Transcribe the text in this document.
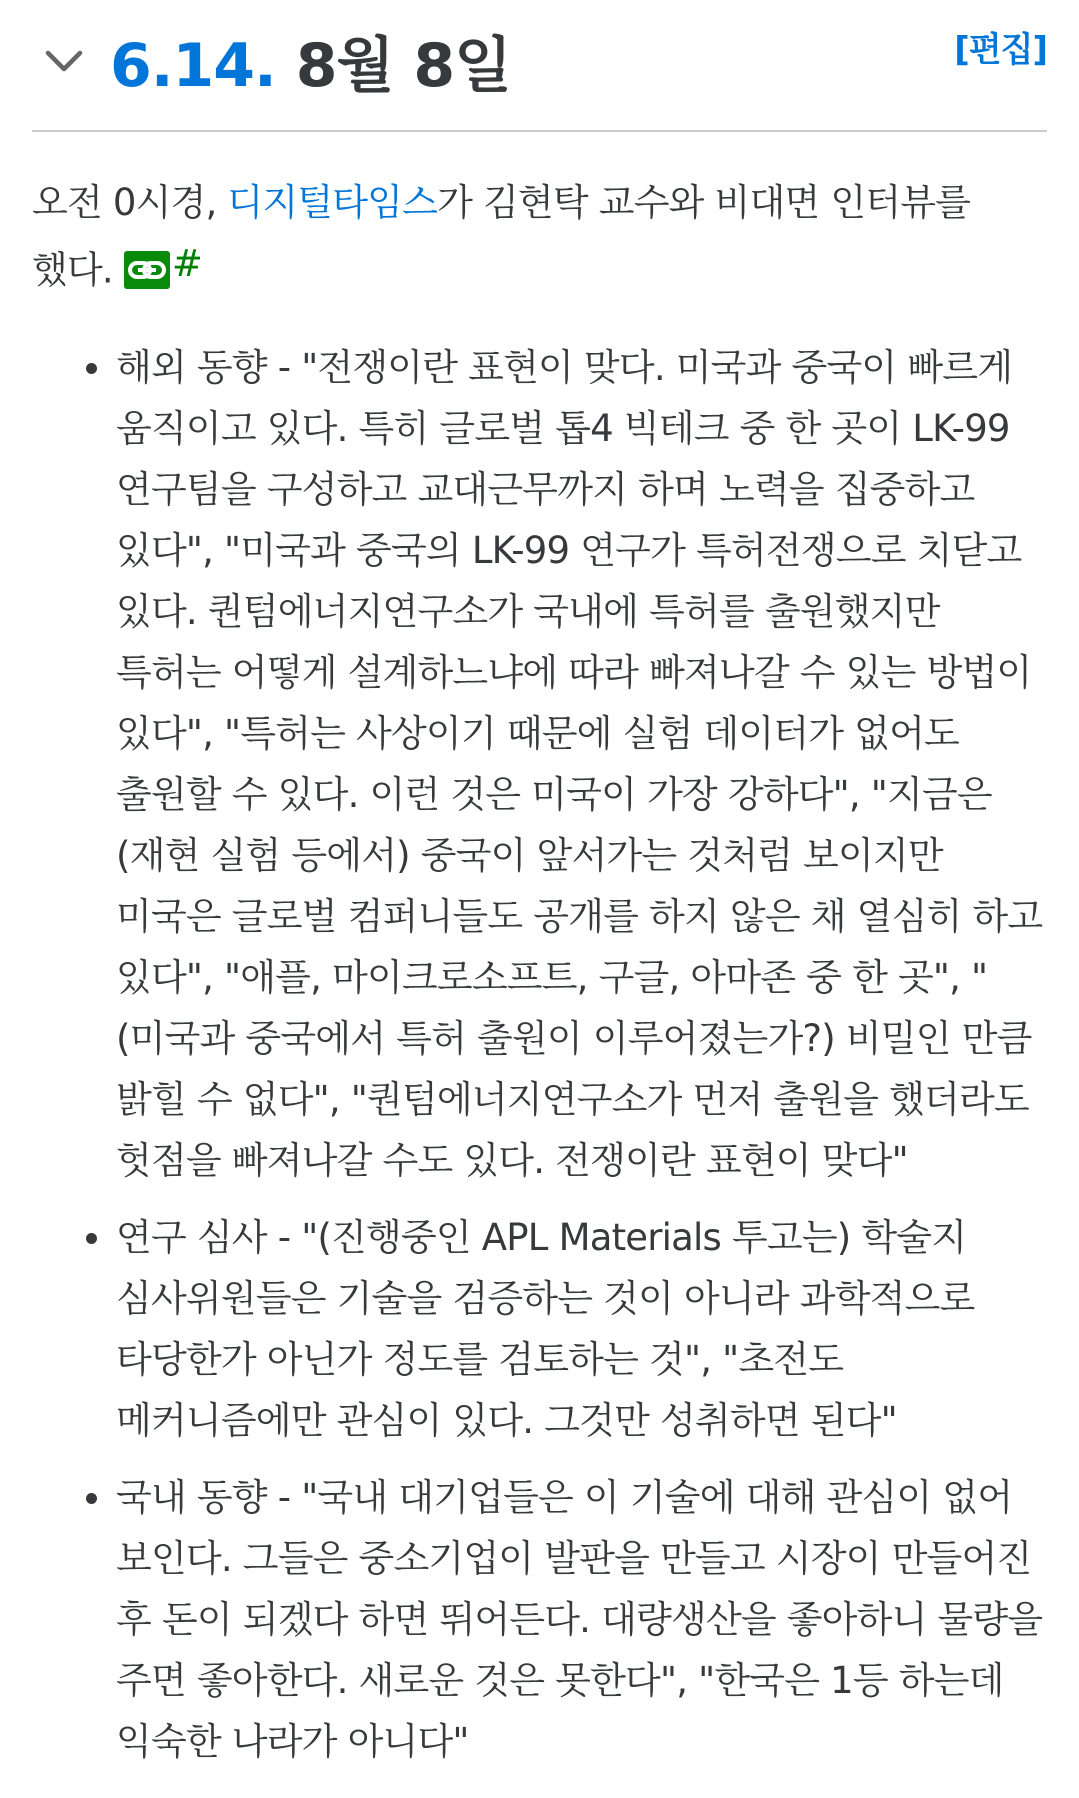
6.14. 8월 8일	[편집]

오전 0시경, 디지털타임스가 김현탁 교수와 비대면 인터뷰를 했다. #

해외 동향 - "전쟁이란 표현이 맞다. 미국과 중국이 빠르게 움직이고 있다. 특히 글로벌 톱4 빅테크 중 한 곳이 LK-99 연구팀을 구성하고 교대근무까지 하며 노력을 집중하고 있다", "미국과 중국의 LK-99 연구가 특허전쟁으로 치닫고 있다. 퀀텀에너지연구소가 국내에 특허를 출원했지만 특허는 어떻게 설계하느냐에 따라 빠져나갈 수 있는 방법이 있다", "특허는 사상이기 때문에 실험 데이터가 없어도 출원할 수 있다. 이런 것은 미국이 가장 강하다", "지금은 (재현 실험 등에서) 중국이 앞서가는 것처럼 보이지만 미국은 글로벌 컴퍼니들도 공개를 하지 않은 채 열심히 하고 있다", "애플, 마이크로소프트, 구글, 아마존 중 한 곳", "(미국과 중국에서 특허 출원이 이루어졌는가?) 비밀인 만큼 밝힐 수 없다", "퀀텀에너지연구소가 먼저 출원을 했더라도 헛점을 빠져나갈 수도 있다. 전쟁이란 표현이 맞다"
연구 심사 - "(진행중인 APL Materials 투고는) 학술지 심사위원들은 기술을 검증하는 것이 아니라 과학적으로 타당한가 아닌가 정도를 검토하는 것", "초전도 메커니즘에만 관심이 있다. 그것만 성취하면 된다"
국내 동향 - "국내 대기업들은 이 기술에 대해 관심이 없어 보인다. 그들은 중소기업이 발판을 만들고 시장이 만들어진 후 돈이 되겠다 하면 뛰어든다. 대량생산을 좋아하니 물량을 주면 좋아한다. 새로운 것은 못한다", "한국은 1등 하는데 익숙한 나라가 아니다"
